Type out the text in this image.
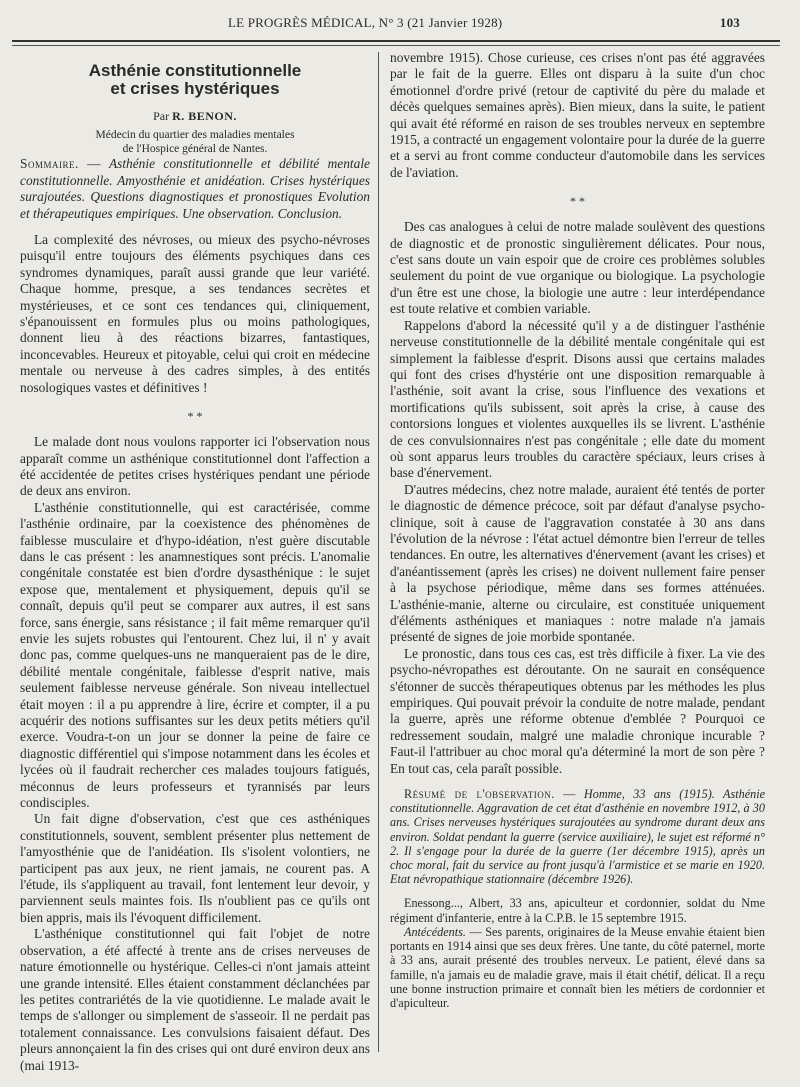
LE PROGRÈS MÉDICAL, N° 3 (21 Janvier 1928)	103
Asthénie constitutionnelle
et crises hystériques
Par R. BENON.
Médecin du quartier des maladies mentales
de l'Hospice général de Nantes.

Sommaire. — Asthénie constitutionnelle et débilité mentale constitutionnelle. Amyosthénie et anidéation. Crises hystériques surajoutées. Questions diagnostiques et pronostiques Evolution et thérapeutiques empiriques. Une observation. Conclusion.

La complexité des névroses, ou mieux des psycho-névroses puisqu'il entre toujours des éléments psychiques dans ces syndromes dynamiques, paraît aussi grande que leur variété. Chaque homme, presque, a ses tendances secrètes et mystérieuses, et ce sont ces tendances qui, cliniquement, s'épanouissent en formules plus ou moins pathologiques, donnent lieu à des réactions bizarres, fantastiques, inconcevables. Heureux et pitoyable, celui qui croit en médecine mentale ou nerveuse à des cadres simples, à des entités nosologiques vastes et définitives !

* *

Le malade dont nous voulons rapporter ici l'observation nous apparaît comme un asthénique constitutionnel dont l'affection a été accidentée de petites crises hystériques pendant une période de deux ans environ.

L'asthénie constitutionnelle, qui est caractérisée, comme l'asthénie ordinaire, par la coexistence des phénomènes de faiblesse musculaire et d'hypo-idéation, n'est guère discutable dans le cas présent : les anamnestiques sont précis. L'anomalie congénitale constatée est bien d'ordre dysasthénique : le sujet expose que, mentalement et physiquement, depuis qu'il se connaît, depuis qu'il peut se comparer aux autres, il est sans force, sans énergie, sans résistance ; il fait même remarquer qu'il envie les sujets robustes qui l'entourent. Chez lui, il n' y avait donc pas, comme quelques-uns ne manqueraient pas de le dire, débilité mentale congénitale, faiblesse d'esprit native, mais seulement faiblesse nerveuse générale. Son niveau intellectuel était moyen : il a pu apprendre à lire, écrire et compter, il a pu acquérir des notions suffisantes sur les deux petits métiers qu'il exerce. Voudra-t-on un jour se donner la peine de faire ce diagnostic différentiel qui s'impose notamment dans les écoles et lycées où il faudrait rechercher ces malades toujours fatigués, méconnus de leurs professeurs et tyrannisés par leurs condisciples.

Un fait digne d'observation, c'est que ces asthéniques constitutionnels, souvent, semblent présenter plus nettement de l'amyosthénie que de l'anidéation. Ils s'isolent volontiers, ne participent pas aux jeux, ne rient jamais, ne courent pas. A l'étude, ils s'appliquent au travail, font lentement leur devoir, y parviennent seuls maintes fois. Ils n'oublient pas ce qu'ils ont bien appris, mais ils l'évoquent difficilement.

L'asthénique constitutionnel qui fait l'objet de notre observation, a été affecté à trente ans de crises nerveuses de nature émotionnelle ou hystérique. Celles-ci n'ont jamais atteint une grande intensité. Elles étaient constamment déclanchées par les petites contrariétés de la vie quotidienne. Le malade avait le temps de s'allonger ou simplement de s'asseoir. Il ne perdait pas totalement connaissance. Les convulsions faisaient défaut. Des pleurs annonçaient la fin des crises qui ont duré environ deux ans (mai 1913-

novembre 1915). Chose curieuse, ces crises n'ont pas été aggravées par le fait de la guerre. Elles ont disparu à la suite d'un choc émotionnel d'ordre privé (retour de captivité du père du malade et décès quelques semaines après). Bien mieux, dans la suite, le patient qui avait été réformé en raison de ses troubles nerveux en septembre 1915, a contracté un engagement volontaire pour la durée de la guerre et a servi au front comme conducteur d'automobile dans les services de l'aviation.

* *

Des cas analogues à celui de notre malade soulèvent des questions de diagnostic et de pronostic singulièrement délicates. Pour nous, c'est sans doute un vain espoir que de croire ces problèmes solubles seulement du point de vue organique ou biologique. La psychologie d'un être est une chose, la biologie une autre : leur interdépendance est toute relative et combien variable.

Rappelons d'abord la nécessité qu'il y a de distinguer l'asthénie nerveuse constitutionnelle de la débilité mentale congénitale qui est simplement la faiblesse d'esprit. Disons aussi que certains malades qui font des crises d'hystérie ont une disposition remarquable à l'asthénie, soit avant la crise, sous l'influence des vexations et mortifications qu'ils subissent, soit après la crise, à cause des contorsions longues et violentes auxquelles ils se livrent. L'asthénie de ces convulsionnaires n'est pas congénitale ; elle date du moment où sont apparus leurs troubles du caractère spéciaux, leurs crises à base d'énervement.

D'autres médecins, chez notre malade, auraient été tentés de porter le diagnostic de démence précoce, soit par défaut d'analyse psycho-clinique, soit à cause de l'aggravation constatée à 30 ans dans l'évolution de la névrose : l'état actuel démontre bien l'erreur de telles tendances. En outre, les alternatives d'énervement (avant les crises) et d'anéantissement (après les crises) ne doivent nullement faire penser à la psychose périodique, même dans ses formes atténuées. L'asthénie-manie, alterne ou circulaire, est constituée uniquement d'éléments asthéniques et maniaques : notre malade n'a jamais présenté de signes de joie morbide spontanée.

Le pronostic, dans tous ces cas, est très difficile à fixer. La vie des psycho-névropathes est déroutante. On ne saurait en conséquence s'étonner de succès thérapeutiques obtenus par les méthodes les plus empiriques. Qui pouvait prévoir la conduite de notre malade, pendant la guerre, après une réforme obtenue d'emblée ? Pourquoi ce redressement soudain, malgré une maladie chronique incurable ? Faut-il l'attribuer au choc moral qu'a déterminé la mort de son père ? En tout cas, cela paraît possible.

Résumé de l'observation. — Homme, 33 ans (1915). Asthénie constitutionnelle. Aggravation de cet état d'asthénie en novembre 1912, à 30 ans. Crises nerveuses hystériques surajoutées au syndrome durant deux ans environ. Soldat pendant la guerre (service auxiliaire), le sujet est réformé n° 2. Il s'engage pour la durée de la guerre (1er décembre 1915), après un choc moral, fait du service au front jusqu'à l'armistice et se marie en 1920. Etat névropathique stationnaire (décembre 1926).

Enessong..., Albert, 33 ans, apiculteur et cordonnier, soldat du Nme régiment d'infanterie, entre à la C.P.B. le 15 septembre 1915.

Antécédents. — Ses parents, originaires de la Meuse envahie étaient bien portants en 1914 ainsi que ses deux frères. Une tante, du côté paternel, morte à 33 ans, aurait présenté des troubles nerveux. Le patient, élevé dans sa famille, n'a jamais eu de maladie grave, mais il était chétif, délicat. Il a reçu une bonne instruction primaire et connaît bien les métiers de cordonnier et d'apiculteur.
